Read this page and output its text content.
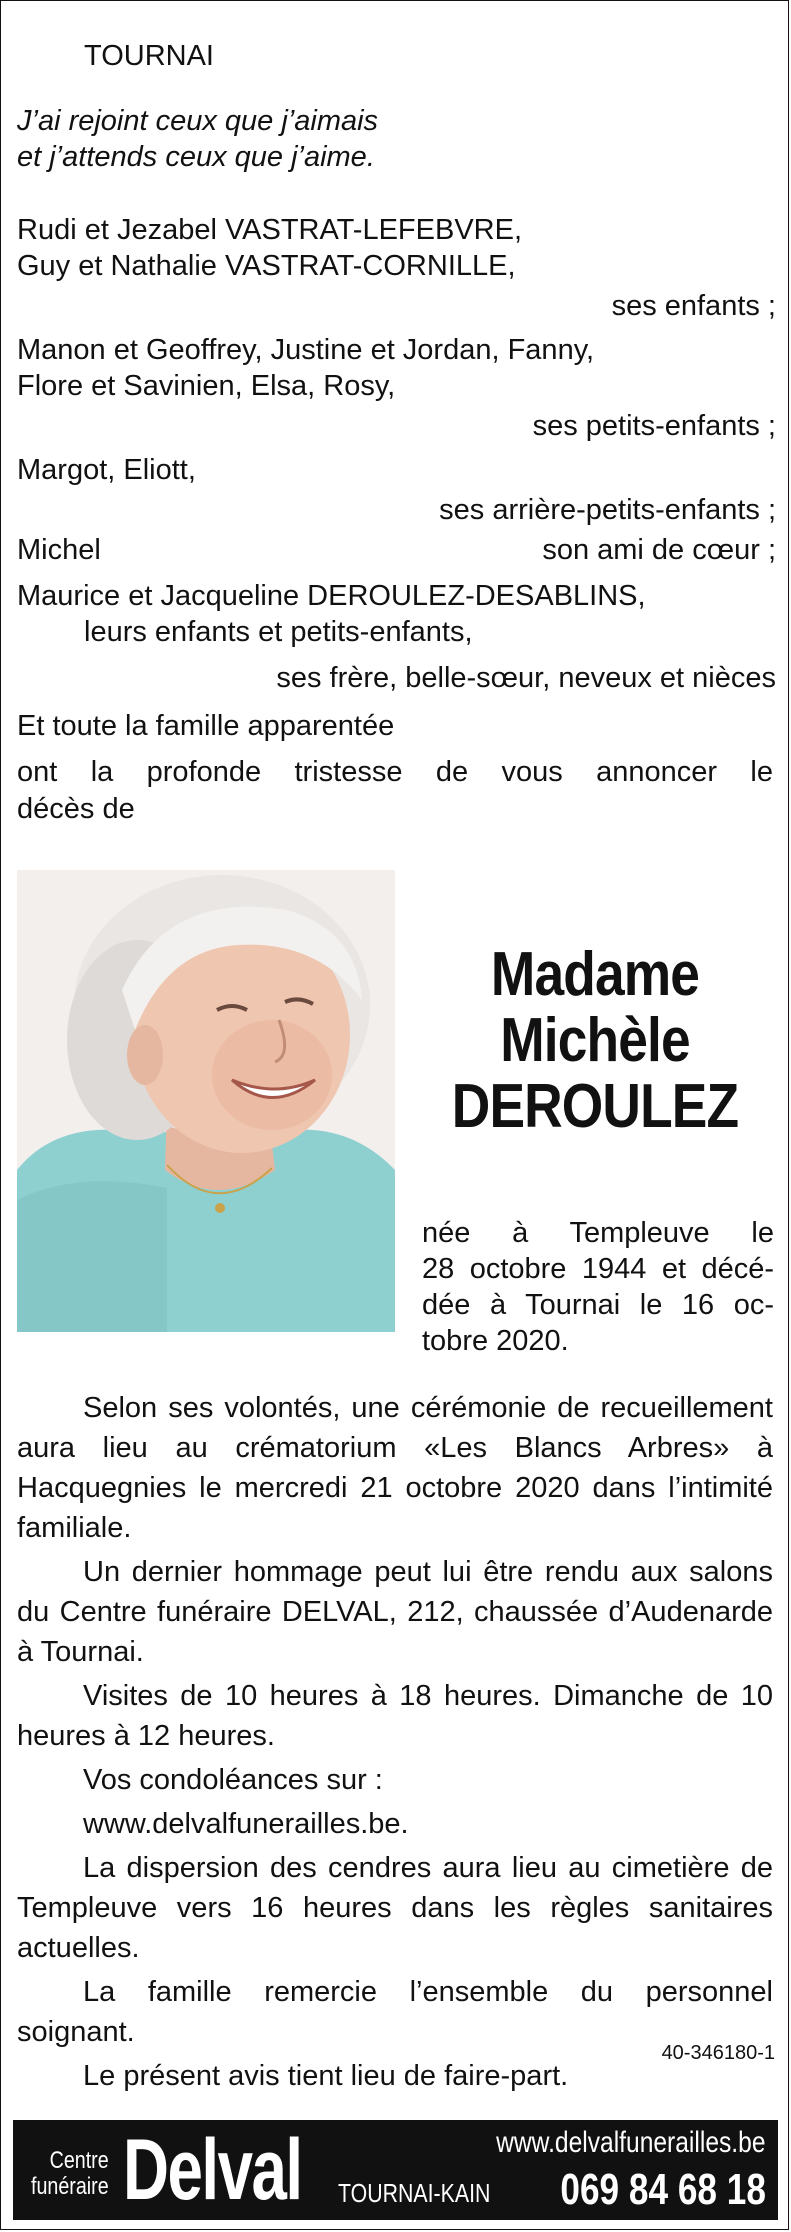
TOURNAI
J’ai rejoint ceux que j’aimais
et j’attends ceux que j’aime.
Rudi et Jezabel VASTRAT-LEFEBVRE,
Guy et Nathalie VASTRAT-CORNILLE,
ses enfants ;
Manon et Geoffrey, Justine et Jordan, Fanny,
Flore et Savinien, Elsa, Rosy,
ses petits-enfants ;
Margot, Eliott,
ses arrière-petits-enfants ;
Michel	son ami de cœur ;
Maurice et Jacqueline DEROULEZ-DESABLINS,
leurs enfants et petits-enfants,
ses frère, belle-sœur, neveux et nièces
Et toute la famille apparentée
ont la profonde tristesse de vous annoncer le
décès de
Madame
Michèle
DEROULEZ
née à Templeuve le
28 octobre 1944 et décé-
dée à Tournai le 16 oc-
tobre 2020.

Selon ses volontés, une cérémonie de recueillement aura lieu au crématorium «Les Blancs Arbres» à Hacquegnies le mercredi 21 octobre 2020 dans l’intimité familiale.

Un dernier hommage peut lui être rendu aux salons du Centre funéraire DELVAL, 212, chaussée d’Audenarde à Tournai.

Visites de 10 heures à 18 heures. Dimanche de 10 heures à 12 heures.

Vos condoléances sur :

www.delvalfunerailles.be.

La dispersion des cendres aura lieu au cimetière de Templeuve vers 16 heures dans les règles sanitaires actuelles.

La famille remercie l’ensemble du personnel soignant.

Le présent avis tient lieu de faire-part.

40-346180-1
Centre
funéraire Delval	www.delvalfunerailles.be
TOURNAI-KAIN 069 84 68 18
